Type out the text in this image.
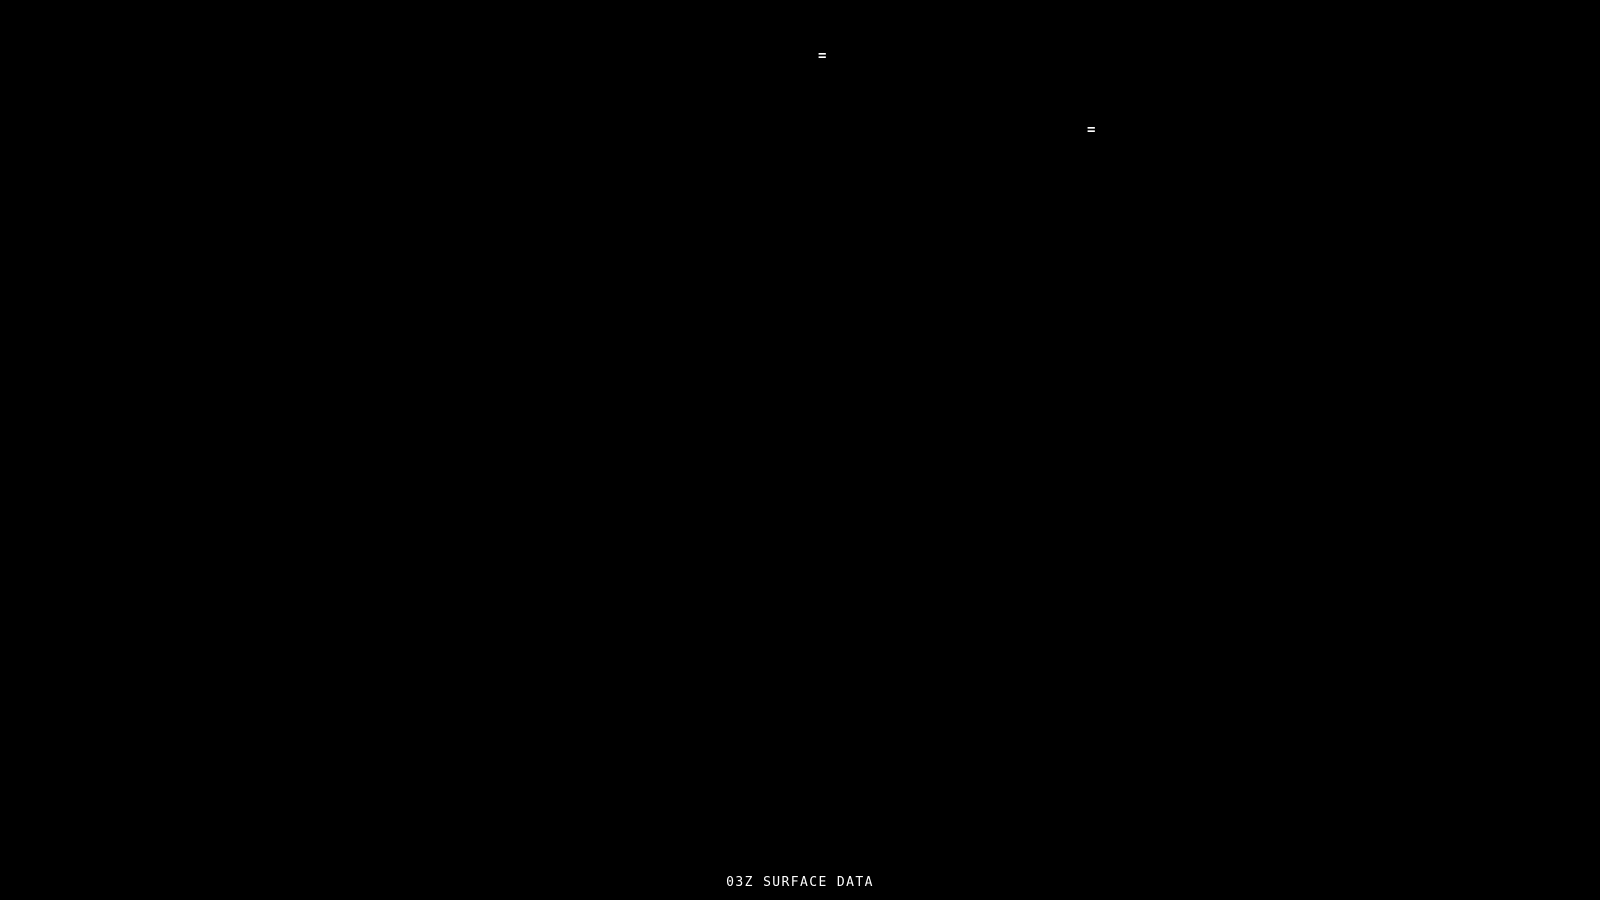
=
=
03Z SURFACE DATA
